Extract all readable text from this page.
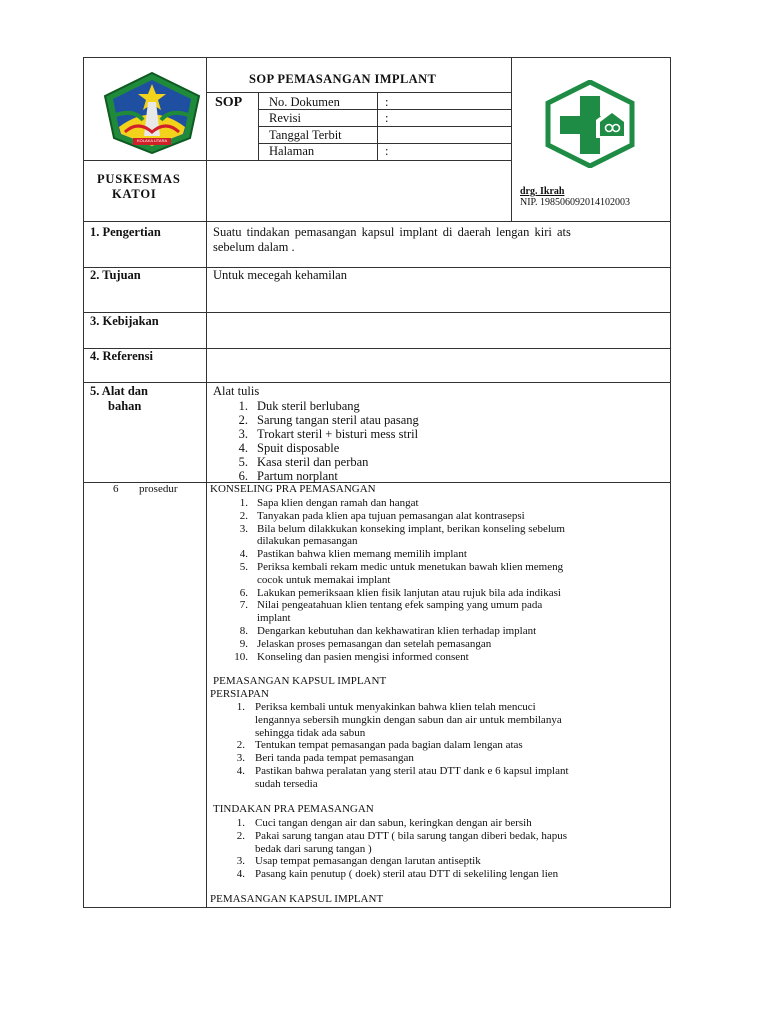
KOLAKA UTARA
SOP PEMASANGAN IMPLANT
SOP No. Dokumen	:
Revisi	:
Tanggal Terbit
Halaman	:
PUSKESMAS
KATOI	drg. Ikrah
NIP. 198506092014102003
1. Pengertian	Suatu tindakan pemasangan kapsul implant di daerah lengan kiri ats
sebelum dalam .
2. Tujuan	Untuk mecegah kehamilan
3. Kebijakan
4. Referensi
5. Alat dan
bahan
Alat tulis
1. Duk steril berlubang
2. Sarung tangan steril atau pasang
3. Trokart steril + bisturi mess stril
4. Spuit disposable
5. Kasa steril dan perban
6. Partum norplant
6 prosedur	KONSELING PRA PEMASANGAN
1. Sapa klien dengan ramah dan hangat
2. Tanyakan pada klien apa tujuan pemasangan alat kontrasepsi
3. Bila belum dilakkukan konseking implant, berikan konseling sebelum
dilakukan pemasangan
4. Pastikan bahwa klien memang memilih implant
5. Periksa kembali rekam medic untuk menetukan bawah klien memeng
cocok untuk memakai implant
6. Lakukan pemeriksaan klien fisik lanjutan atau rujuk bila ada indikasi
7. Nilai pengeatahuan klien tentang efek samping yang umum pada
implant
8. Dengarkan kebutuhan dan kekhawatiran klien terhadap implant
9. Jelaskan proses pemasangan dan setelah pemasangan
10. Konseling dan pasien mengisi informed consent
PEMASANGAN KAPSUL IMPLANT
PERSIAPAN
1. Periksa kembali untuk menyakinkan bahwa klien telah mencuci
lengannya sebersih mungkin dengan sabun dan air untuk membilanya
sehingga tidak ada sabun
2. Tentukan tempat pemasangan pada bagian dalam lengan atas
3. Beri tanda pada tempat pemasangan
4. Pastikan bahwa peralatan yang steril atau DTT dank e 6 kapsul implant
sudah tersedia
TINDAKAN PRA PEMASANGAN
1. Cuci tangan dengan air dan sabun, keringkan dengan air bersih
2. Pakai sarung tangan atau DTT ( bila sarung tangan diberi bedak, hapus
bedak dari sarung tangan )
3. Usap tempat pemasangan dengan larutan antiseptik
4. Pasang kain penutup ( doek) steril atau DTT di sekeliling lengan lien
PEMASANGAN KAPSUL IMPLANT
